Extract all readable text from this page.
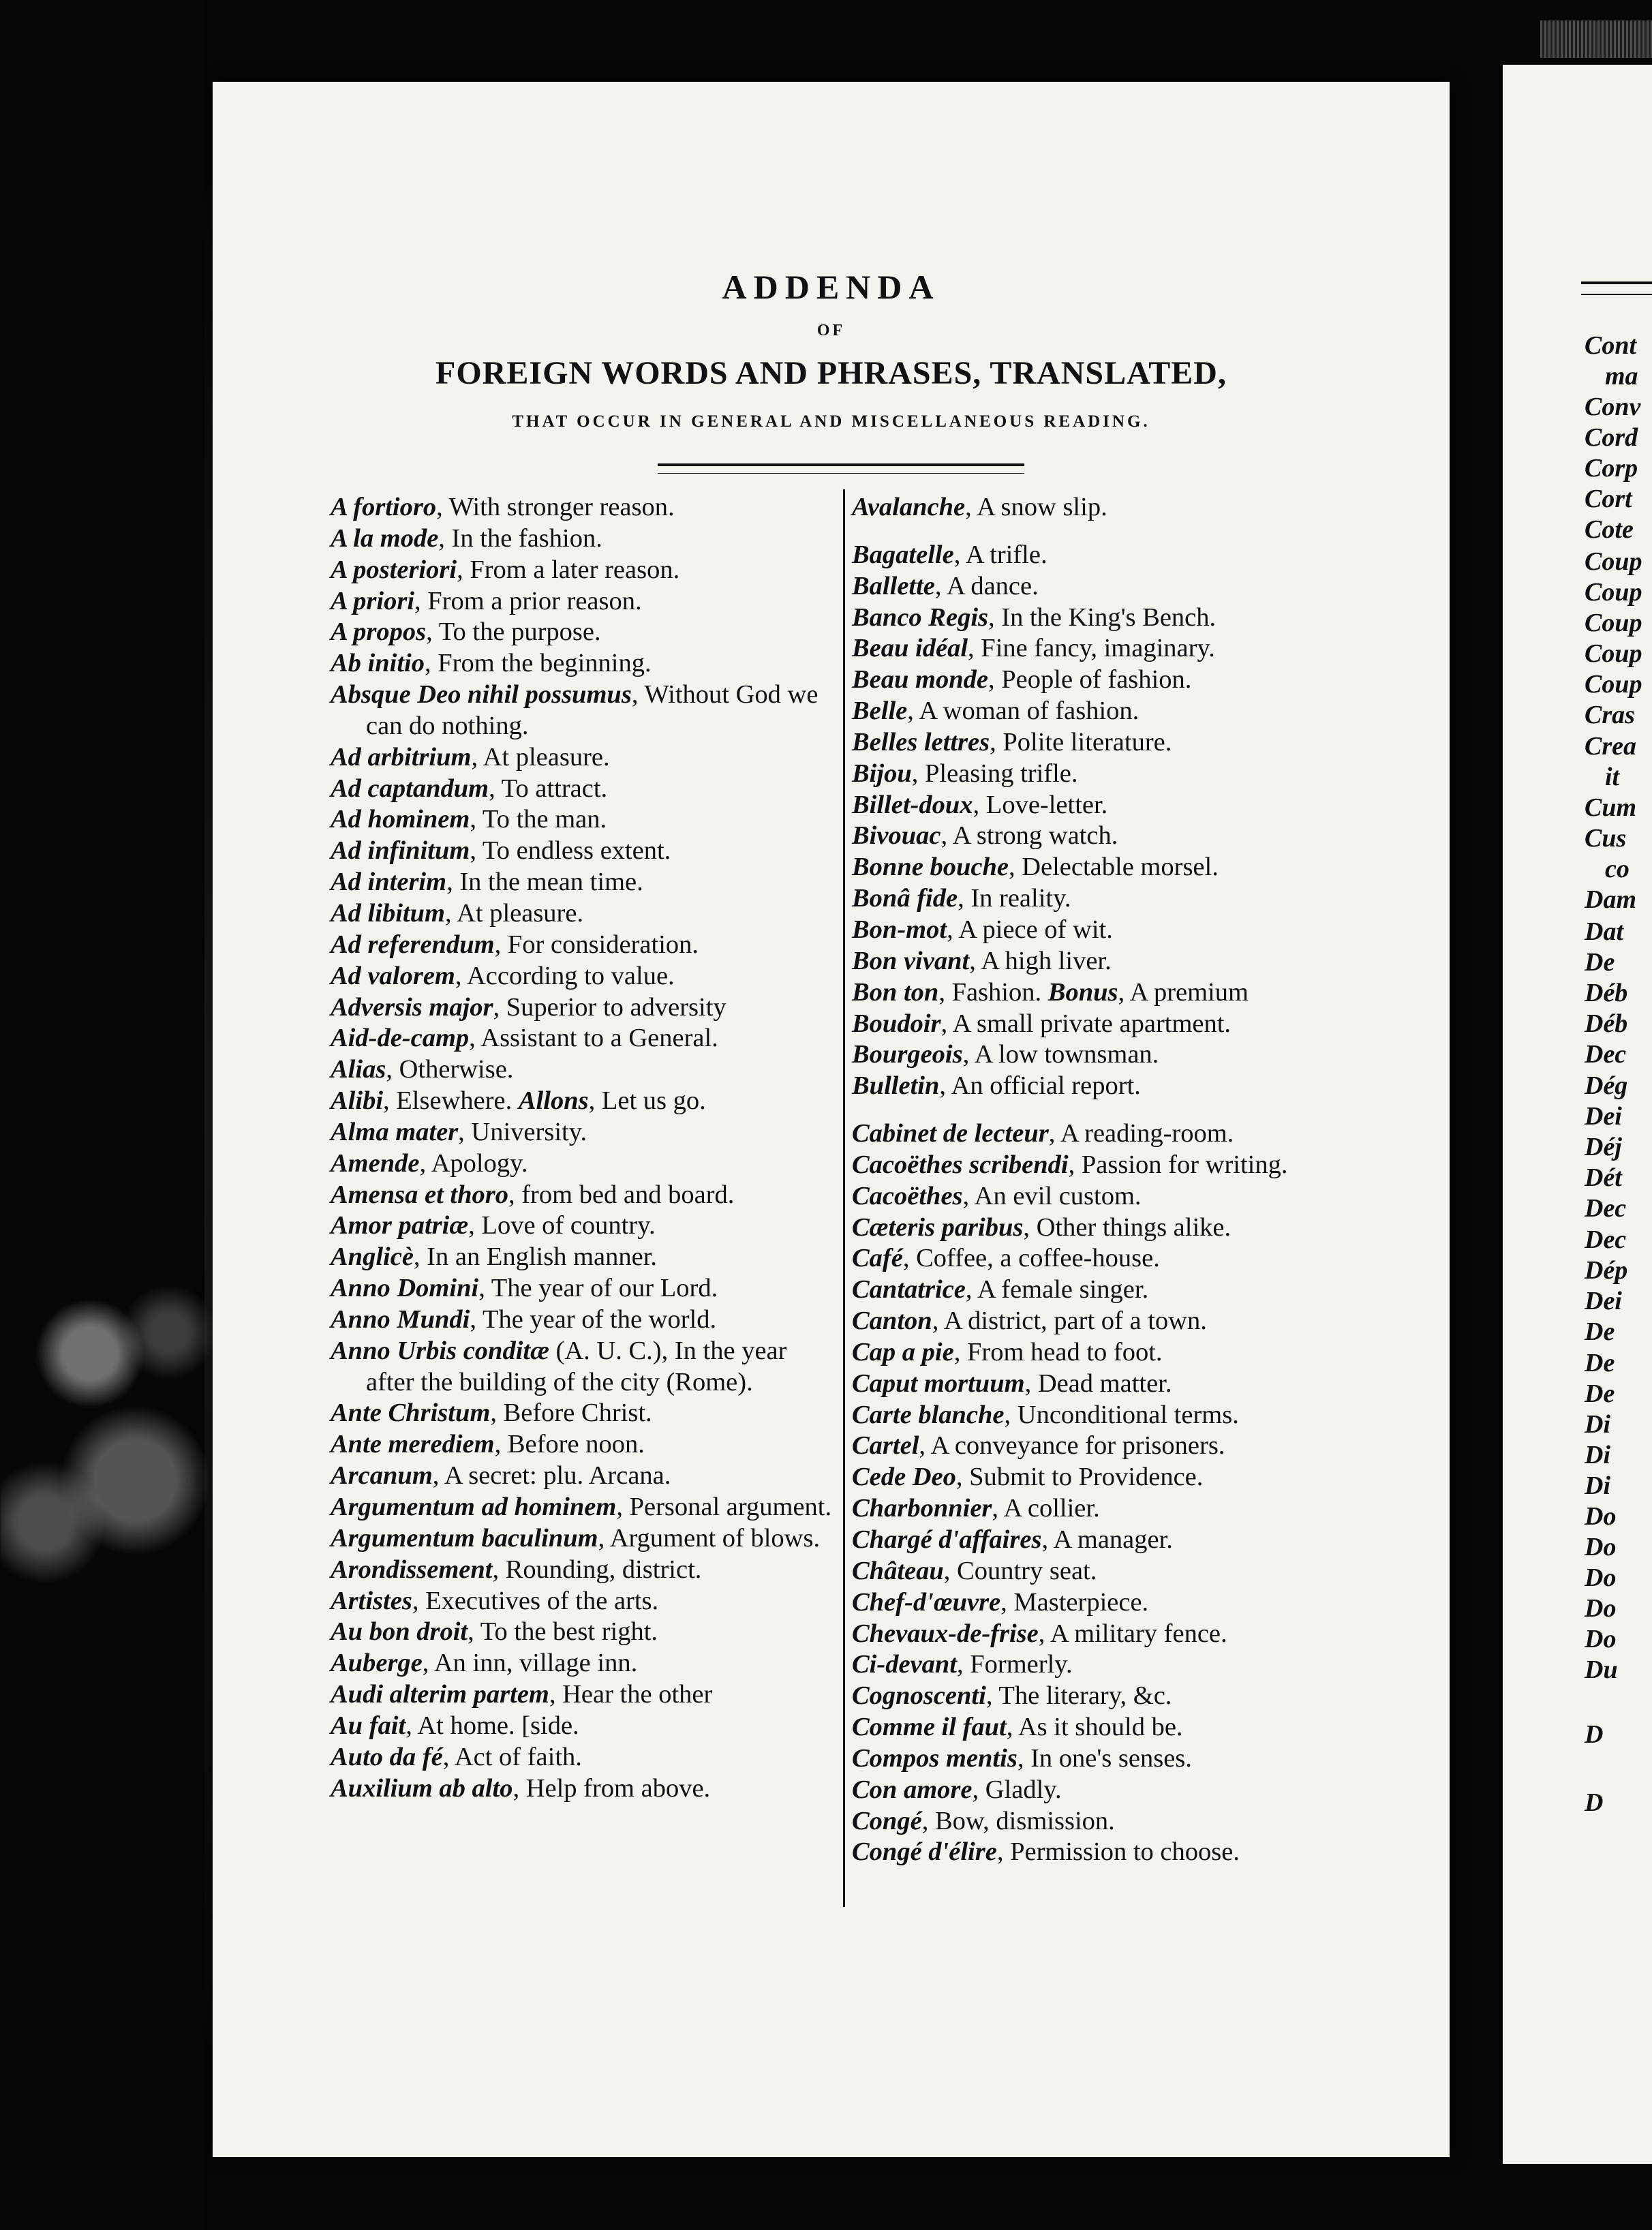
Cont
ma
Conv
Cord
Corp
Cort
Cote
Coup
Coup
Coup
Coup
Coup
Cras
Crea
it
Cum
Cus
co
Dam
Dat
De
Déb
Déb
Dec
Dég
Dei
Déj
Dét
Dec
Dec
Dép
Dei
De
De
De
Di
Di
Di
Do
Do
Do
Do
Do
Du
D
D
ADDENDA
OF
FOREIGN WORDS AND PHRASES, TRANSLATED,
THAT OCCUR IN GENERAL AND MISCELLANEOUS READING.
A fortioro, With stronger reason.
A la mode, In the fashion.
A posteriori, From a later reason.
A priori, From a prior reason.
A propos, To the purpose.
Ab initio, From the beginning.
Absque Deo nihil possumus, Without God we can do nothing.
Ad arbitrium, At pleasure.
Ad captandum, To attract.
Ad hominem, To the man.
Ad infinitum, To endless extent.
Ad interim, In the mean time.
Ad libitum, At pleasure.
Ad referendum, For consideration.
Ad valorem, According to value.
Adversis major, Superior to adversity
Aid-de-camp, Assistant to a General.
Alias, Otherwise.
Alibi, Elsewhere. Allons, Let us go.
Alma mater, University.
Amende, Apology.
Amensa et thoro, from bed and board.
Amor patriæ, Love of country.
Anglicè, In an English manner.
Anno Domini, The year of our Lord.
Anno Mundi, The year of the world.
Anno Urbis conditæ (A. U. C.), In the year after the building of the city (Rome).
Ante Christum, Before Christ.
Ante merediem, Before noon.
Arcanum, A secret: plu. Arcana.
Argumentum ad hominem, Personal argument.
Argumentum baculinum, Argument of blows.
Arondissement, Rounding, district.
Artistes, Executives of the arts.
Au bon droit, To the best right.
Auberge, An inn, village inn.
Audi alterim partem, Hear the other
Au fait, At home. [side.
Auto da fé, Act of faith.
Auxilium ab alto, Help from above.
Avalanche, A snow slip.
Bagatelle, A trifle.
Ballette, A dance.
Banco Regis, In the King's Bench.
Beau idéal, Fine fancy, imaginary.
Beau monde, People of fashion.
Belle, A woman of fashion.
Belles lettres, Polite literature.
Bijou, Pleasing trifle.
Billet-doux, Love-letter.
Bivouac, A strong watch.
Bonne bouche, Delectable morsel.
Bonâ fide, In reality.
Bon-mot, A piece of wit.
Bon vivant, A high liver.
Bon ton, Fashion. Bonus, A premium
Boudoir, A small private apartment.
Bourgeois, A low townsman.
Bulletin, An official report.
Cabinet de lecteur, A reading-room.
Cacoëthes scribendi, Passion for writing.
Cacoëthes, An evil custom.
Cæteris paribus, Other things alike.
Café, Coffee, a coffee-house.
Cantatrice, A female singer.
Canton, A district, part of a town.
Cap a pie, From head to foot.
Caput mortuum, Dead matter.
Carte blanche, Unconditional terms.
Cartel, A conveyance for prisoners.
Cede Deo, Submit to Providence.
Charbonnier, A collier.
Chargé d'affaires, A manager.
Château, Country seat.
Chef-d'œuvre, Masterpiece.
Chevaux-de-frise, A military fence.
Ci-devant, Formerly.
Cognoscenti, The literary, &c.
Comme il faut, As it should be.
Compos mentis, In one's senses.
Con amore, Gladly.
Congé, Bow, dismission.
Congé d'élire, Permission to choose.
